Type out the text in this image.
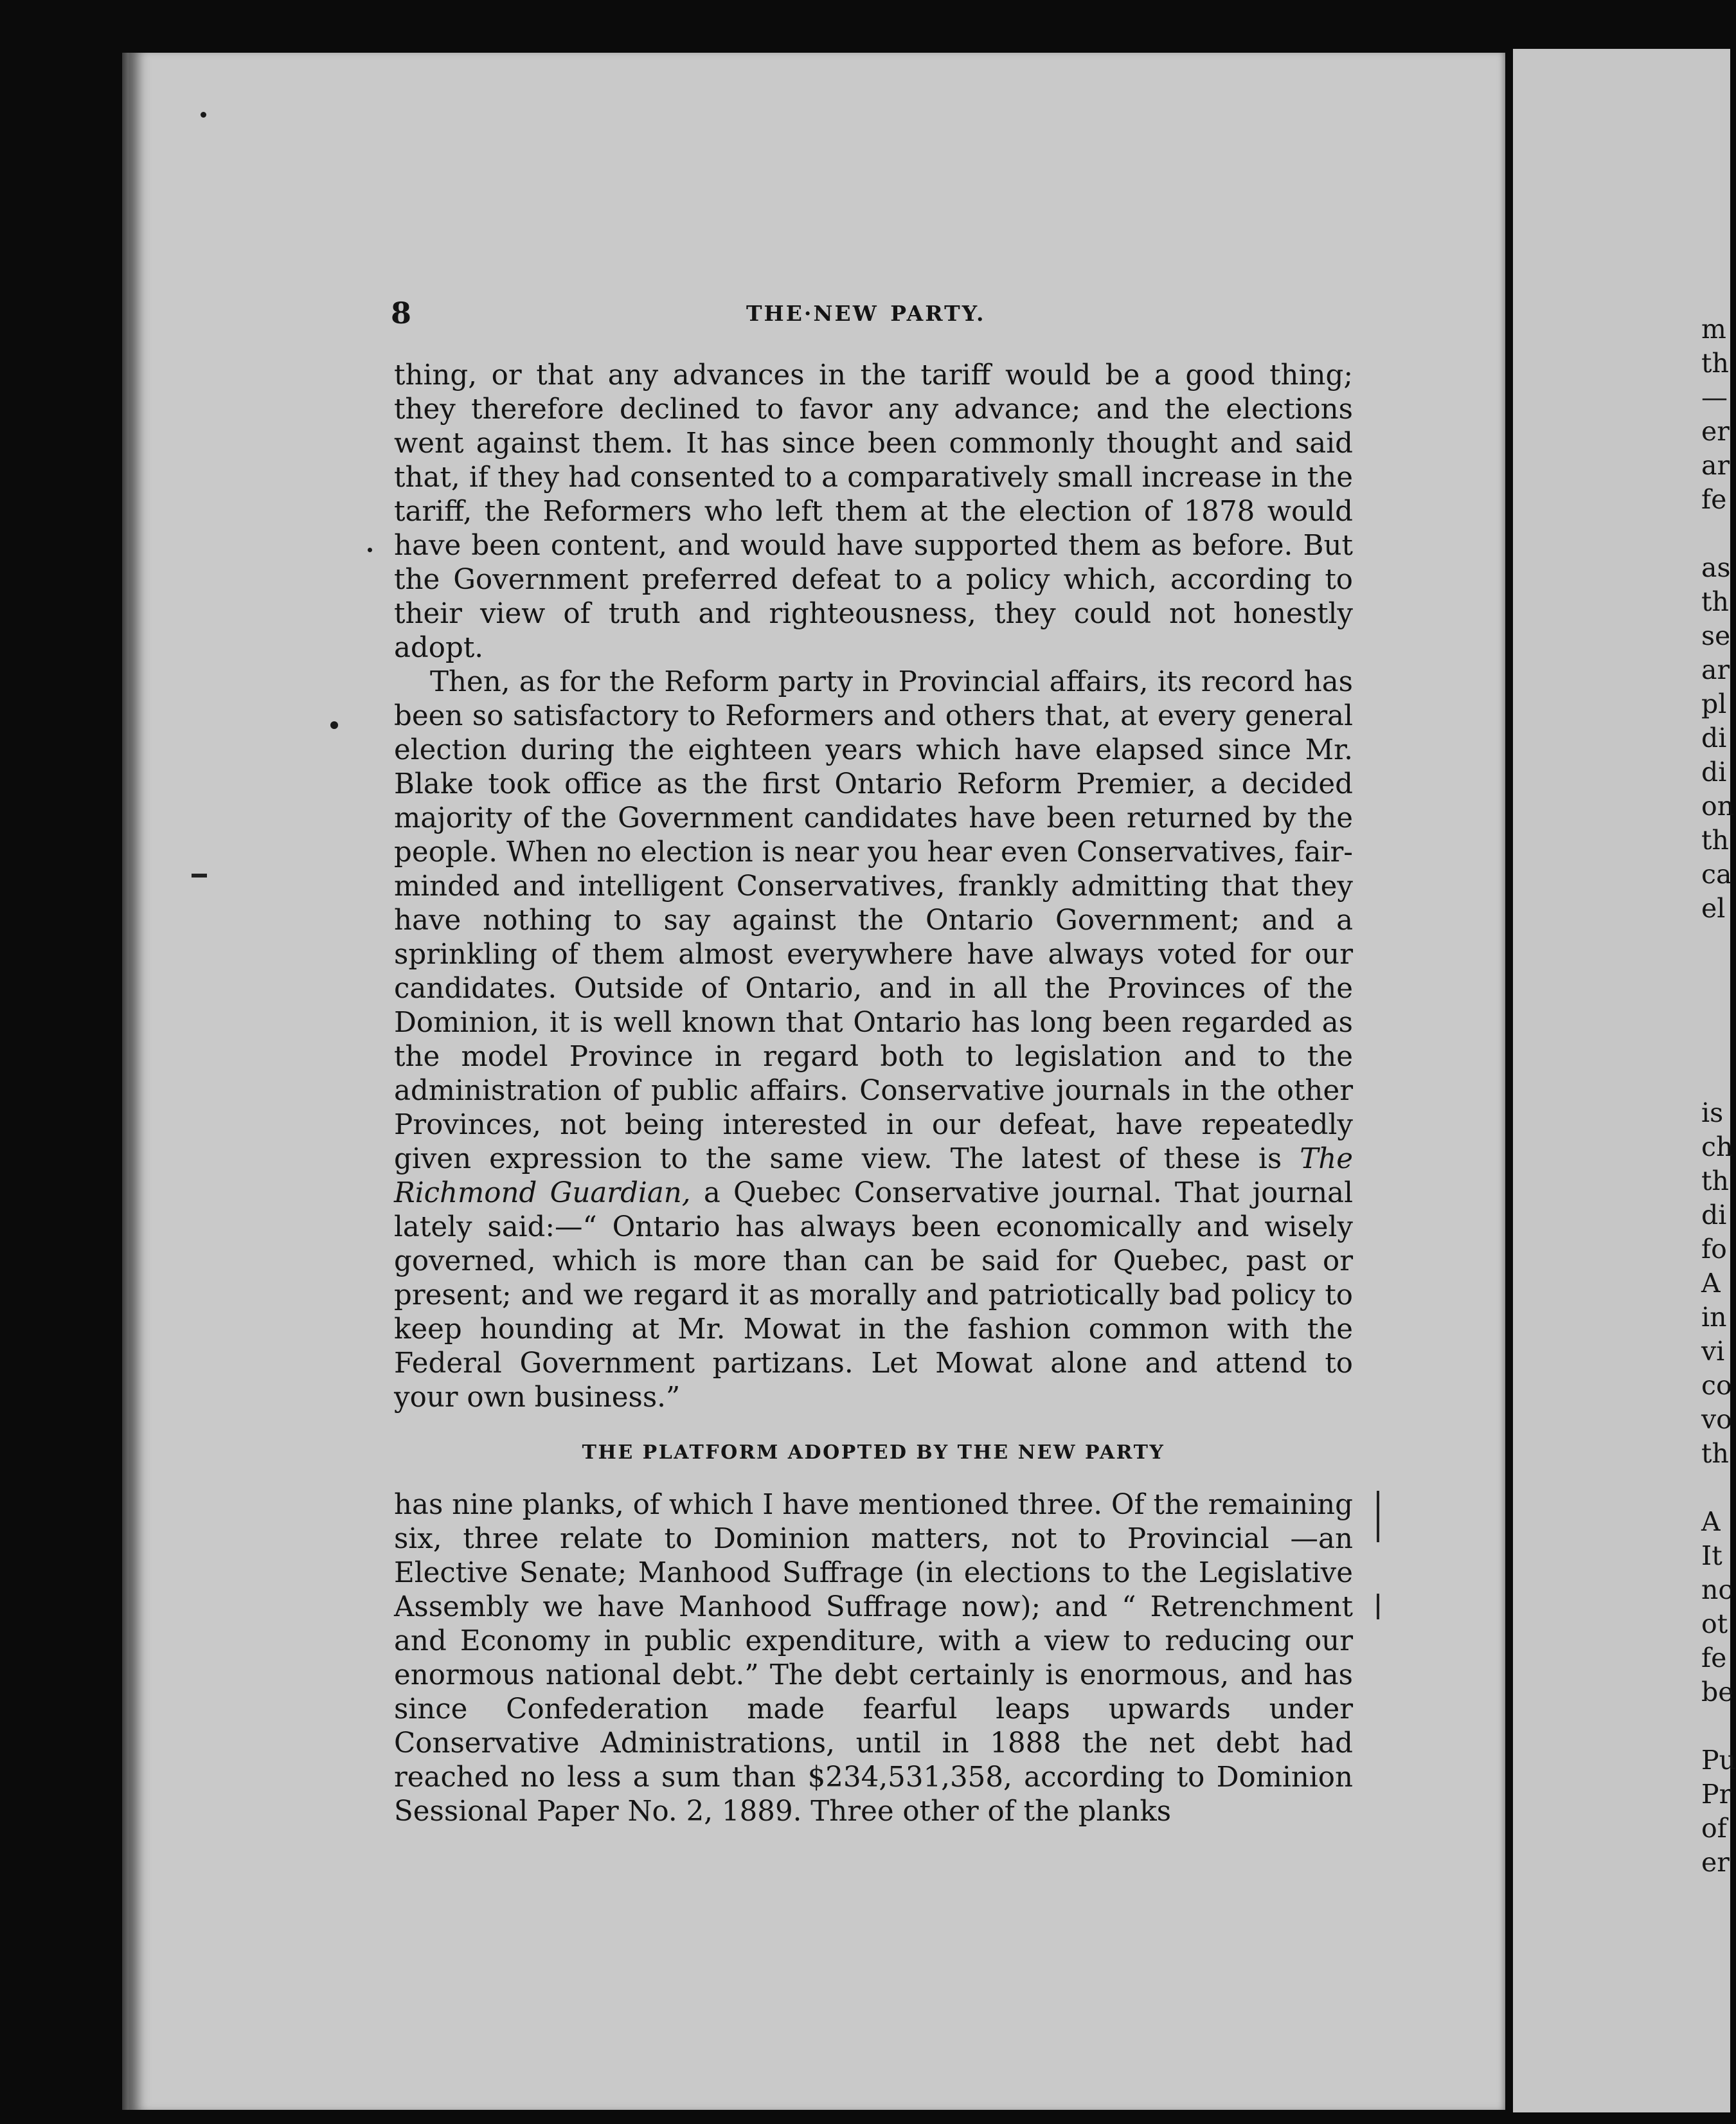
8	THE·NEW PARTY.

thing, or that any advances in the tariff would be a good thing; they therefore declined to favor any advance; and the elections went against them. It has since been commonly thought and said that, if they had consented to a comparatively small increase in the tariff, the Reformers who left them at the election of 1878 would have been content, and would have supported them as before. But the Government preferred defeat to a policy which, according to their view of truth and righteousness, they could not honestly adopt.

Then, as for the Reform party in Provincial affairs, its record has been so satisfactory to Reformers and others that, at every general election during the eighteen years which have elapsed since Mr. Blake took office as the first Ontario Reform Premier, a decided majority of the Government candidates have been returned by the people. When no election is near you hear even Conservatives, fair-minded and intelligent Conservatives, frankly admitting that they have nothing to say against the Ontario Government; and a sprinkling of them almost everywhere have always voted for our candidates. Outside of Ontario, and in all the Provinces of the Dominion, it is well known that Ontario has long been regarded as the model Province in regard both to legislation and to the administration of public affairs. Conservative journals in the other Provinces, not being interested in our defeat, have repeatedly given expression to the same view. The latest of these is The Richmond Guardian, a Quebec Conservative journal. That journal lately said:—“ Ontario has always been economically and wisely governed, which is more than can be said for Quebec, past or present; and we regard it as morally and patriotically bad policy to keep hounding at Mr. Mowat in the fashion common with the Federal Government partizans. Let Mowat alone and attend to your own business.”

THE PLATFORM ADOPTED BY THE NEW PARTY

has nine planks, of which I have mentioned three. Of the remaining six, three relate to Dominion matters, not to Provincial —an Elective Senate; Manhood Suffrage (in elections to the Legislative Assembly we have Manhood Suffrage now); and “ Retrenchment and Economy in public expenditure, with a view to reducing our enormous national debt.” The debt certainly is enormous, and has since Confederation made fearful leaps upwards under Conservative Administrations, until in 1888 the net debt had reached no less a sum than $234,531,358, according to Dominion Sessional Paper No. 2, 1889. Three other of the planks

m
th
—
er
ar
fe

as
th
se
ar
pl
di
di
on
th
ca
el

is
ch
th
di
fo
A
in
vi
co
vo
th

A
It
nc
ot
fe
be

Pu
Pr
of
er
